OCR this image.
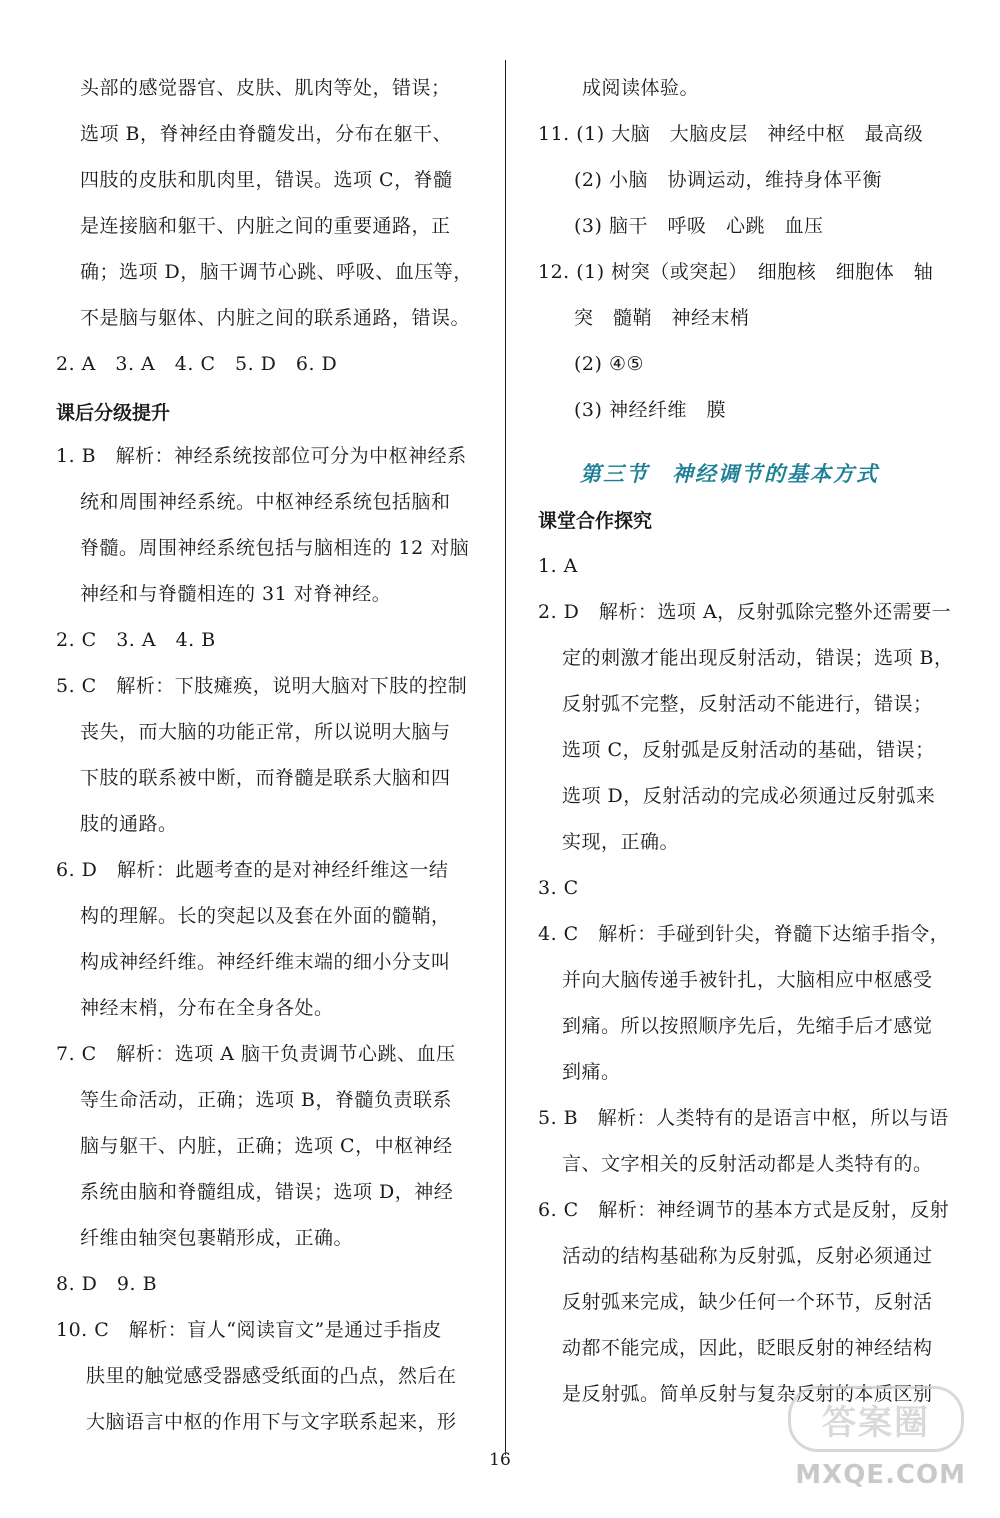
头部的感觉器官、皮肤、肌肉等处，错误；
选项 B，脊神经由脊髓发出，分布在躯干、
四肢的皮肤和肌肉里，错误。选项 C，脊髓
是连接脑和躯干、内脏之间的重要通路，正
确；选项 D，脑干调节心跳、呼吸、血压等，
不是脑与躯体、内脏之间的联系通路，错误。
2. A　3. A　4. C　5. D　6. D
课后分级提升
1. B　解析：神经系统按部位可分为中枢神经系
统和周围神经系统。中枢神经系统包括脑和
脊髓。周围神经系统包括与脑相连的 12 对脑
神经和与脊髓相连的 31 对脊神经。
2. C　3. A　4. B
5. C　解析：下肢瘫痪，说明大脑对下肢的控制
丧失，而大脑的功能正常，所以说明大脑与
下肢的联系被中断，而脊髓是联系大脑和四
肢的通路。
6. D　解析：此题考查的是对神经纤维这一结
构的理解。长的突起以及套在外面的髓鞘，
构成神经纤维。神经纤维末端的细小分支叫
神经末梢，分布在全身各处。
7. C　解析：选项 A 脑干负责调节心跳、血压
等生命活动，正确；选项 B，脊髓负责联系
脑与躯干、内脏，正确；选项 C，中枢神经
系统由脑和脊髓组成，错误；选项 D，神经
纤维由轴突包裹鞘形成，正确。
8. D　9. B
10. C　解析：盲人“阅读盲文”是通过手指皮
肤里的触觉感受器感受纸面的凸点，然后在
大脑语言中枢的作用下与文字联系起来，形
成阅读体验。
11. (1) 大脑　大脑皮层　神经中枢　最高级
(2) 小脑　协调运动，维持身体平衡
(3) 脑干　呼吸　心跳　血压
12. (1) 树突（或突起）　细胞核　细胞体　轴
突　髓鞘　神经末梢
(2) ④⑤
(3) 神经纤维　膜
第三节　神经调节的基本方式
课堂合作探究
1. A
2. D　解析：选项 A，反射弧除完整外还需要一
定的刺激才能出现反射活动，错误；选项 B，
反射弧不完整，反射活动不能进行，错误；
选项 C，反射弧是反射活动的基础，错误；
选项 D，反射活动的完成必须通过反射弧来
实现，正确。
3. C
4. C　解析：手碰到针尖，脊髓下达缩手指令，
并向大脑传递手被针扎，大脑相应中枢感受
到痛。所以按照顺序先后，先缩手后才感觉
到痛。
5. B　解析：人类特有的是语言中枢，所以与语
言、文字相关的反射活动都是人类特有的。
6. C　解析：神经调节的基本方式是反射，反射
活动的结构基础称为反射弧，反射必须通过
反射弧来完成，缺少任何一个环节，反射活
动都不能完成，因此，眨眼反射的神经结构
是反射弧。简单反射与复杂反射的本质区别
16
答案圈
MXQE.COM
